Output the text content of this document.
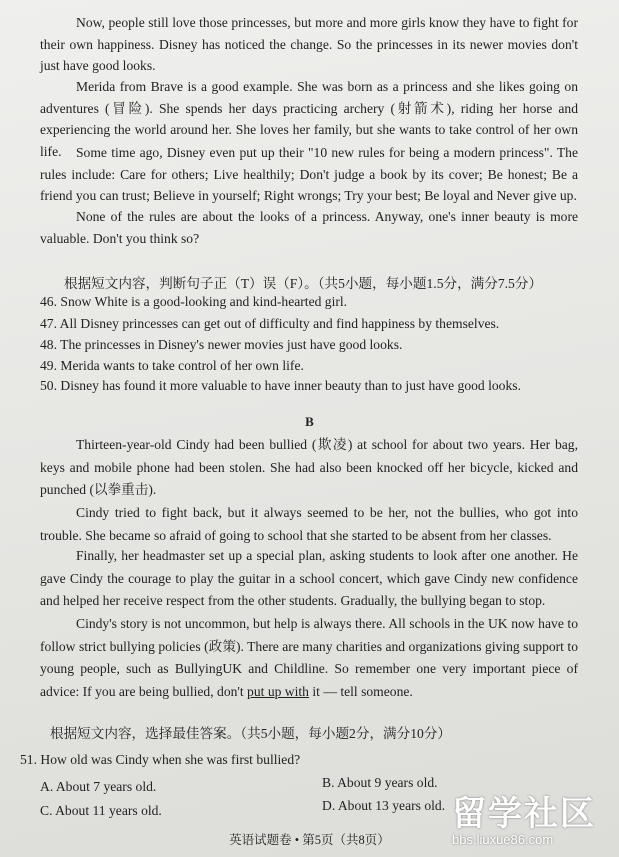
Now, people still love those princesses, but more and more girls know they have to fight for their own happiness. Disney has noticed the change. So the princesses in its newer movies don't just have good looks.
Merida from Brave is a good example. She was born as a princess and she likes going on adventures (冒险). She spends her days practicing archery (射箭术), riding her horse and experiencing the world around her. She loves her family, but she wants to take control of her own life.	Some time ago, Disney even put up their "10 new rules for being a modern princess". The rules include: Care for others; Live healthily; Don't judge a book by its cover; Be honest; Be a friend you can trust; Believe in yourself; Right wrongs; Try your best; Be loyal and Never give up.
None of the rules are about the looks of a princess. Anyway, one's inner beauty is more valuable. Don't you think so?
根据短文内容，判断句子正（T）误（F）。（共5小题，每小题1.5分，满分7.5分）
46. Snow White is a good-looking and kind-hearted girl.
47. All Disney princesses can get out of difficulty and find happiness by themselves.
48. The princesses in Disney's newer movies just have good looks.
49. Merida wants to take control of her own life.
50. Disney has found it more valuable to have inner beauty than to just have good looks.
B
Thirteen-year-old Cindy had been bullied (欺凌) at school for about two years. Her bag, keys and mobile phone had been stolen. She had also been knocked off her bicycle, kicked and punched (以拳重击).
Cindy tried to fight back, but it always seemed to be her, not the bullies, who got into trouble. She became so afraid of going to school that she started to be absent from her classes.
Finally, her headmaster set up a special plan, asking students to look after one another. He gave Cindy the courage to play the guitar in a school concert, which gave Cindy new confidence and helped her receive respect from the other students. Gradually, the bullying began to stop.
Cindy's story is not uncommon, but help is always there. All schools in the UK now have to follow strict bullying policies (政策). There are many charities and organizations giving support to young people, such as BullyingUK and Childline. So remember one very important piece of advice: If you are being bullied, don't put up with it — tell someone.
根据短文内容，选择最佳答案。（共5小题，每小题2分，满分10分）
51. How old was Cindy when she was first bullied?
A. About 7 years old.	B. About 9 years old.
C. About 11 years old.	D. About 13 years old.
英语试题卷 • 第5页（共8页）
留学社区
bbs.liuxue86.com
